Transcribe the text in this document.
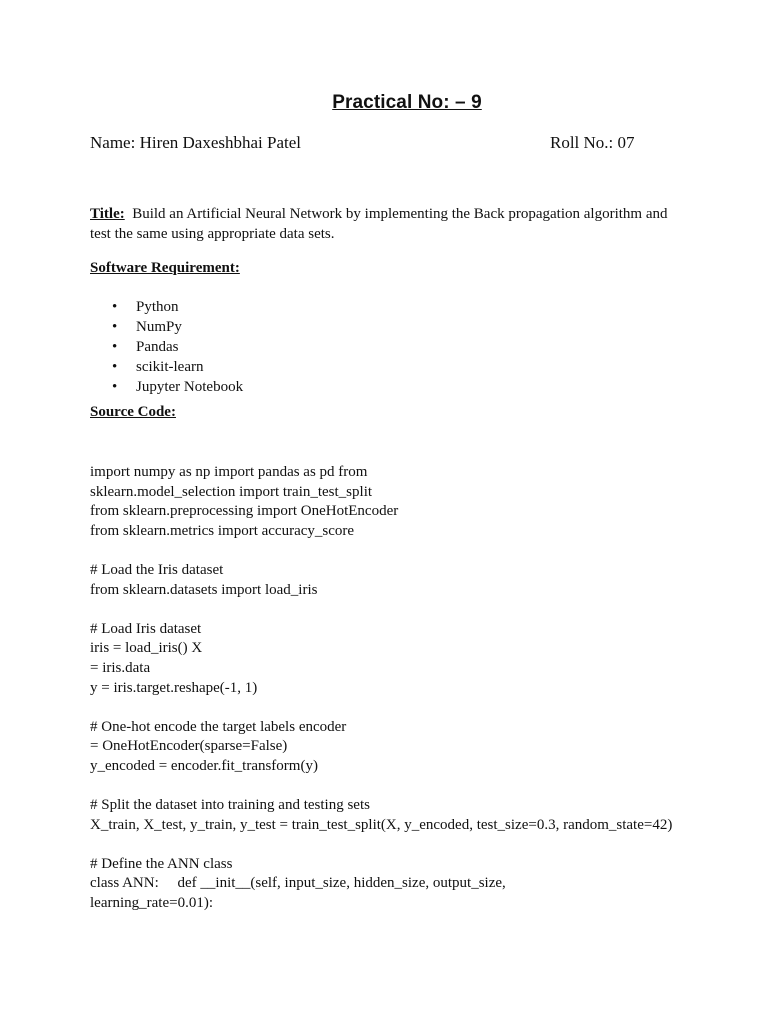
Practical No: – 9
Name: Hiren Daxeshbhai Patel	Roll No.: 07
Title: Build an Artificial Neural Network by implementing the Back propagation algorithm and test the same using appropriate data sets.
Software Requirement:
• Python
• NumPy
• Pandas
• scikit-learn
• Jupyter Notebook
Source Code:
import numpy as np import pandas as pd from
sklearn.model_selection import train_test_split
from sklearn.preprocessing import OneHotEncoder
from sklearn.metrics import accuracy_score
# Load the Iris dataset
from sklearn.datasets import load_iris
# Load Iris dataset
iris = load_iris() X
= iris.data
y = iris.target.reshape(-1, 1)
# One-hot encode the target labels encoder
= OneHotEncoder(sparse=False)
y_encoded = encoder.fit_transform(y)
# Split the dataset into training and testing sets
X_train, X_test, y_train, y_test = train_test_split(X, y_encoded, test_size=0.3, random_state=42)
# Define the ANN class
class ANN:     def __init__(self, input_size, hidden_size, output_size,
learning_rate=0.01):
